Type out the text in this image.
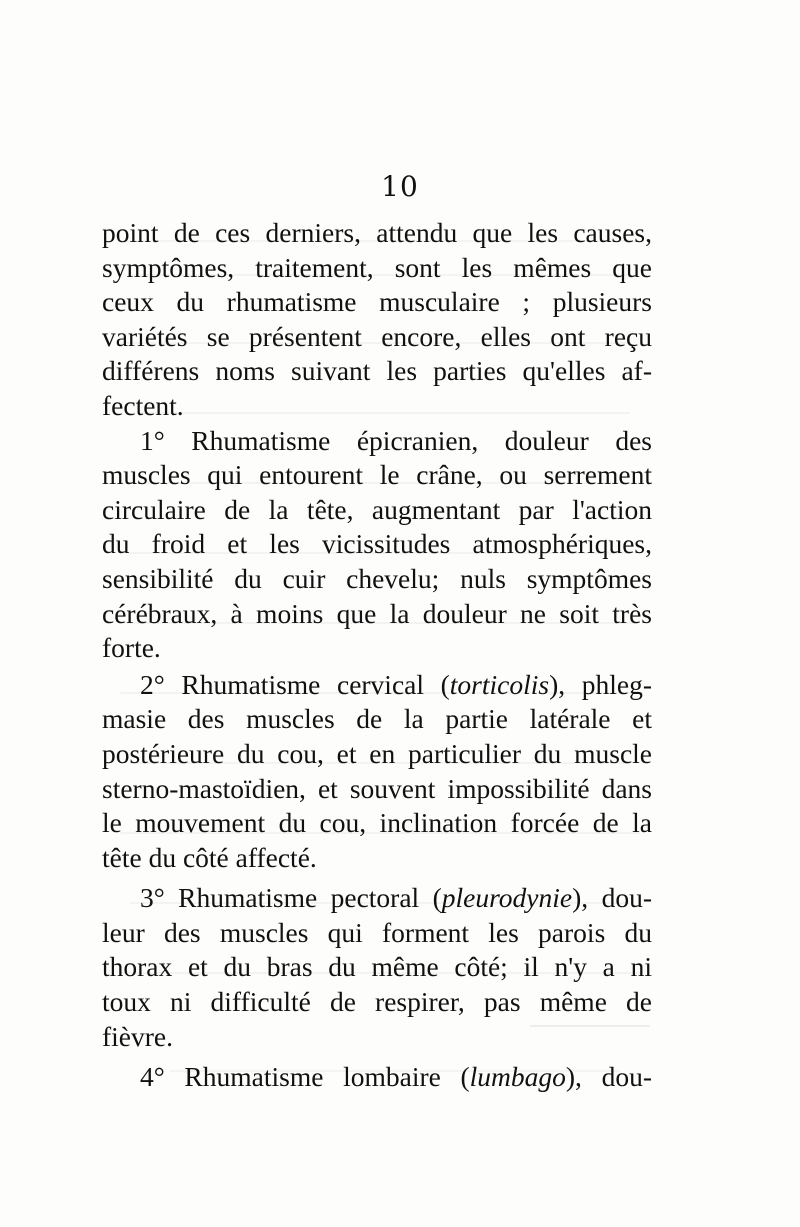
10
point de ces derniers, attendu que les causes,
symptômes, traitement, sont les mêmes que
ceux du rhumatisme musculaire ; plusieurs
variétés se présentent encore, elles ont reçu
différens noms suivant les parties qu'elles af-
fectent.
1° Rhumatisme épicranien, douleur des
muscles qui entourent le crâne, ou serrement
circulaire de la tête, augmentant par l'action
du froid et les vicissitudes atmosphériques,
sensibilité du cuir chevelu; nuls symptômes
cérébraux, à moins que la douleur ne soit très
forte.
2° Rhumatisme cervical (torticolis), phleg-
masie des muscles de la partie latérale et
postérieure du cou, et en particulier du muscle
sterno-mastoïdien, et souvent impossibilité dans
le mouvement du cou, inclination forcée de la
tête du côté affecté.
3° Rhumatisme pectoral (pleurodynie), dou-
leur des muscles qui forment les parois du
thorax et du bras du même côté; il n'y a ni
toux ni difficulté de respirer, pas même de
fièvre.
4° Rhumatisme lombaire (lumbago), dou-
